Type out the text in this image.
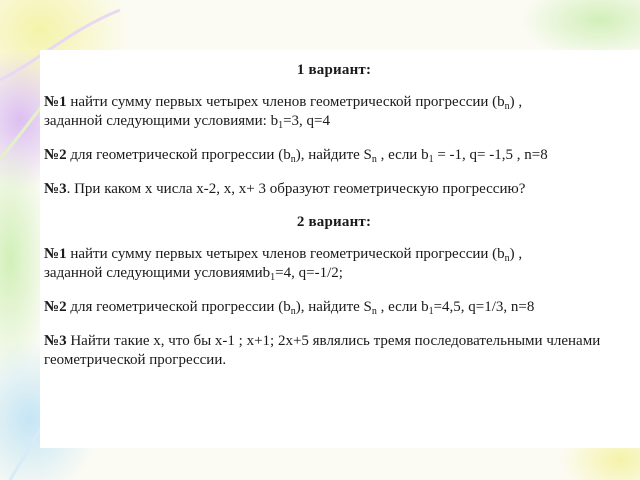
1 вариант:
№1 найти сумму первых четырех членов геометрической прогрессии $(b_n)$ ,
заданной следующими условиями: $b_1=3$, q=4
№2 для геометрической прогрессии $(b_n)$, найдите $S_n$ , если $b_1 = -1$, q= -1,5 , n=8
№3. При каком x числа x-2, x, x+ 3 образуют геометрическую прогрессию?
2 вариант:
№1 найти сумму первых четырех членов геометрической прогрессии $(b_n)$ ,
заданной следующими условиямиb$_1$=4, q=-1/2;
№2 для геометрической прогрессии $(b_n)$, найдите $S_n$ , если $b_1=4,5$, q=1/3, n=8
№3 Найти такие x, что бы x-1 ; x+1; 2x+5 являлись тремя последовательными членами геометрической прогрессии.
